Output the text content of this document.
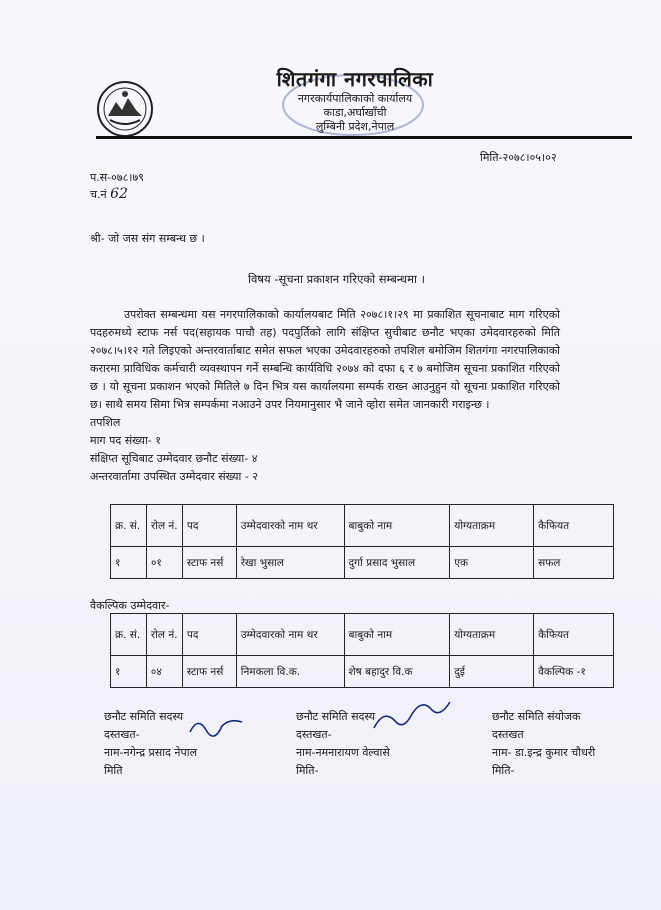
शितगंगा नगरपालिका
नगरकार्यपालिकाको कार्यालय
काडा,अर्घाखाँची
लुम्बिनी प्रदेश,नेपाल
मिति-२०७८।०५।०२
प.स-०७८।७९
च.नं 62
श्री- जो जस संग सम्बन्ध छ ।
विषय -सूचना प्रकाशन गरिएको सम्बन्धमा ।

उपरोक्त सम्बन्धमा यस नगरपालिकाको कार्यालयबाट मिति २०७८।१।२९ मा प्रकाशित सूचनाबाट माग गरिएको पदहरुमध्ये स्टाफ नर्स पद(सहायक पाचौ तह) पदपुर्तिको लागि संक्षिप्त सुचीबाट छनौट भएका उमेदवारहरुको मिति २०७८।५।१२ गते लिइएको अन्तरवार्ताबाट समेत सफल भएका उमेदवारहरुको तपशिल बमोजिम शितगंगा नगरपालिकाको करारमा प्राविधिक कर्मचारी व्यवस्थापन गर्ने सम्बन्धि कार्यविधि २०७४ को दफा ६ र ७ बमोजिम सूचना प्रकाशित गरिएको छ । यो सूचना प्रकाशन भएको मितिले ७ दिन भित्र यस कार्यालयमा सम्पर्क राख्न आउनुहुन यो सूचना प्रकाशित गरिएको छ। साथै समय सिमा भित्र सम्पर्कमा नआउने उपर नियमानुसार भै जाने व्होरा समेत जानकारी गराइन्छ ।

तपशिल
माग पद संख्या- १
संक्षिप्त सूचिबाट उम्मेदवार छनौट संख्या- ४
अन्तरवार्तामा उपस्थित उम्मेदवार संख्या - २
क्र. सं.	रोल नं.	पद	उम्मेदवारको नाम थर	बाबुको नाम	योग्यताक्रम	कैफियत
१	०१	स्टाफ नर्स	रेखा भुसाल	दुर्गा प्रसाद भुसाल	एक	सफल
वैकल्पिक उम्मेदवार-
क्र. सं.	रोल नं.	पद	उम्मेदवारको नाम थर	बाबुको नाम	योग्यताक्रम	कैफियत
१	०४	स्टाफ नर्स	निमकला वि.क.	शेष बहादुर वि.क	दुई	वैकल्पिक -१
छनौट समिति सदस्य
दस्तखत-
नाम-नगेन्द्र प्रसाद नेपाल
मिति
छनौट समिति सदस्य
दस्तखत-
नाम-नमनारायण वेल्वासे
मिति-
छनौट समिति संयोजक
दस्तखत
नाम- डा.इन्द्र कुमार चौधरी
मिति-
